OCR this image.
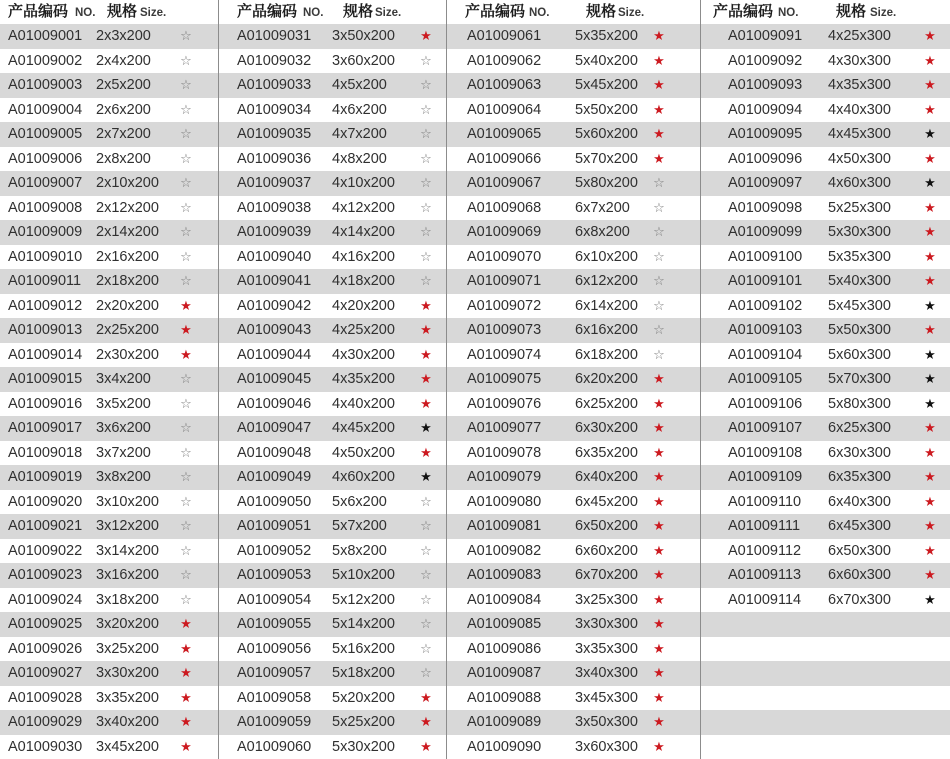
产品编码 NO. 规格 Size.
A01009001 2x3x200 ☆
A01009002 2x4x200 ☆
A01009003 2x5x200 ☆
A01009004 2x6x200 ☆
A01009005 2x7x200 ☆
A01009006 2x8x200 ☆
A01009007 2x10x200 ☆
A01009008 2x12x200 ☆
A01009009 2x14x200 ☆
A01009010 2x16x200 ☆
A01009011 2x18x200 ☆
A01009012 2x20x200 ★
A01009013 2x25x200 ★
A01009014 2x30x200 ★
A01009015 3x4x200 ☆
A01009016 3x5x200 ☆
A01009017 3x6x200 ☆
A01009018 3x7x200 ☆
A01009019 3x8x200 ☆
A01009020 3x10x200 ☆
A01009021 3x12x200 ☆
A01009022 3x14x200 ☆
A01009023 3x16x200 ☆
A01009024 3x18x200 ☆
A01009025 3x20x200 ★
A01009026 3x25x200 ★
A01009027 3x30x200 ★
A01009028 3x35x200 ★
A01009029 3x40x200 ★
A01009030 3x45x200 ★
产品编码 NO. 规格 Size.
A01009031 3x50x200 ★
A01009032 3x60x200 ☆
A01009033 4x5x200	☆
A01009034 4x6x200	☆
A01009035 4x7x200	☆
A01009036 4x8x200	☆
A01009037 4x10x200 ☆
A01009038 4x12x200 ☆
A01009039 4x14x200 ☆
A01009040 4x16x200 ☆
A01009041 4x18x200 ☆
A01009042 4x20x200 ★
A01009043 4x25x200 ★
A01009044 4x30x200 ★
A01009045 4x35x200 ★
A01009046 4x40x200 ★
A01009047 4x45x200 ★
A01009048 4x50x200 ★
A01009049 4x60x200 ★
A01009050 5x6x200	☆
A01009051 5x7x200	☆
A01009052 5x8x200	☆
A01009053 5x10x200 ☆
A01009054 5x12x200 ☆
A01009055 5x14x200 ☆
A01009056 5x16x200 ☆
A01009057 5x18x200 ☆
A01009058 5x20x200 ★
A01009059 5x25x200 ★
A01009060 5x30x200 ★
产品编码 NO. 规格 Size.
A01009061 5x35x200 ★
A01009062 5x40x200 ★
A01009063 5x45x200 ★
A01009064 5x50x200 ★
A01009065 5x60x200 ★
A01009066 5x70x200 ★
A01009067 5x80x200 ☆
A01009068 6x7x200 ☆
A01009069 6x8x200 ☆
A01009070 6x10x200 ☆
A01009071 6x12x200 ☆
A01009072 6x14x200 ☆
A01009073 6x16x200 ☆
A01009074 6x18x200 ☆
A01009075 6x20x200 ★
A01009076 6x25x200 ★
A01009077 6x30x200 ★
A01009078 6x35x200 ★
A01009079 6x40x200 ★
A01009080 6x45x200 ★
A01009081 6x50x200 ★
A01009082 6x60x200 ★
A01009083 6x70x200 ★
A01009084 3x25x300 ★
A01009085 3x30x300 ★
A01009086 3x35x300 ★
A01009087 3x40x300 ★
A01009088 3x45x300 ★
A01009089 3x50x300 ★
A01009090 3x60x300 ★
产品编码 NO.	规格 Size.
A01009091 4x25x300	★
A01009092 4x30x300	★
A01009093 4x35x300	★
A01009094 4x40x300	★
A01009095 4x45x300	★
A01009096 4x50x300	★
A01009097 4x60x300	★
A01009098 5x25x300	★
A01009099 5x30x300	★
A01009100 5x35x300	★
A01009101 5x40x300	★
A01009102 5x45x300	★
A01009103 5x50x300	★
A01009104 5x60x300	★
A01009105 5x70x300	★
A01009106 5x80x300	★
A01009107 6x25x300	★
A01009108 6x30x300	★
A01009109 6x35x300	★
A01009110 6x40x300	★
A01009111 6x45x300	★
A01009112 6x50x300	★
A01009113 6x60x300	★
A01009114 6x70x300	★
